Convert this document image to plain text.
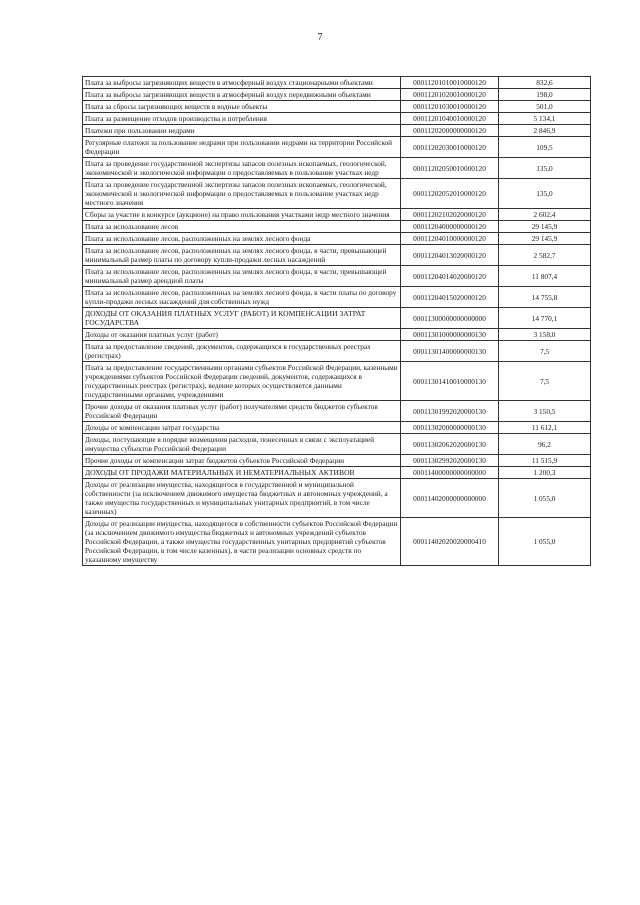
7
Плата за выбросы загрязняющих веществ в атмосферный воздух стационарными объектами	00011201010010000120	832,6
Плата за выбросы загрязняющих веществ в атмосферный воздух передвижными объектами	00011201020010000120	198,0
Плата за сбросы загрязняющих веществ в водные объекты	00011201030010000120	501,0
Плата за размещение отходов производства и потребления	00011201040010000120	5 134,1
Платежи при пользовании недрами	00011202000000000120	2 846,9
Регулярные платежи за пользование недрами при пользовании недрами на территории Российской Федерации	00011202030010000120	109,5
Плата за проведение государственной экспертизы запасов полезных ископаемых, геологической, экономической и экологической информации о предоставляемых в пользование участках недр	00011202050010000120	135,0
Плата за проведение государственной экспертизы запасов полезных ископаемых, геологической, экономической и экологической информации о предоставляемых в пользование участках недр местного значения	00011202052010000120	135,0
Сборы за участие в конкурсе (аукционе) на право пользования участками недр местного значения	00011202102020000120	2 602,4
Плата за использование лесов	00011204000000000120	29 145,9
Плата за использование лесов, расположенных на землях лесного фонда	00011204010000000120	29 145,9
Плата за использование лесов, расположенных на землях лесного фонда, в части, превышающей минимальный размер платы по договору купли-продажи лесных насаждений	00011204013020000120	2 582,7
Плата за использование лесов, расположенных на землях лесного фонда, в части, превышающей минимальный размер арендной платы	00011204014020000120	11 807,4
Плата за использование лесов, расположенных на землях лесного фонда, в части платы по договору купли-продажи лесных насаждений для собственных нужд	00011204015020000120	14 755,8
ДОХОДЫ ОТ ОКАЗАНИЯ ПЛАТНЫХ УСЛУГ (РАБОТ) И КОМПЕНСАЦИИ ЗАТРАТ ГОСУДАРСТВА	00011300000000000000	14 770,1
Доходы от оказания платных услуг (работ)	00011301000000000130	3 158,0
Плата за предоставление сведений, документов, содержащихся в государственных реестрах (регистрах)	00011301400000000130	7,5
Плата за предоставление государственными органами субъектов Российской Федерации, казенными учреждениями субъектов Российской Федерации сведений, документов, содержащихся в государственных реестрах (регистрах), ведение которых осуществляется данными государственными органами, учреждениями	00011301410010000130	7,5
Прочие доходы от оказания платных услуг (работ) получателями средств бюджетов субъектов Российской Федерации	00011301992020000130	3 150,5
Доходы от компенсации затрат государства	00011302000000000130	11 612,1
Доходы, поступающие в порядке возмещения расходов, понесенных в связи с эксплуатацией имущества субъектов Российской Федерации	00011302062020000130	96,2
Прочие доходы от компенсации затрат бюджетов субъектов Российской Федерации	00011302992020000130	11 515,9
ДОХОДЫ ОТ ПРОДАЖИ МАТЕРИАЛЬНЫХ И НЕМАТЕРИАЛЬНЫХ АКТИВОВ	00011400000000000000	1 200,3
Доходы от реализации имущества, находящегося в государственной и муниципальной собственности (за исключением движимого имущества бюджетных и автономных учреждений, а также имущества государственных и муниципальных унитарных предприятий, в том числе казенных)	00011402000000000000	1 055,0
Доходы от реализации имущества, находящегося в собственности субъектов Российской Федерации (за исключением движимого имущества бюджетных и автономных учреждений субъектов Российской Федерации, а также имущества государственных унитарных предприятий субъектов Российской Федерации, в том числе казенных), в части реализации основных средств по указанному имуществу	00011402020020000410	1 055,0
